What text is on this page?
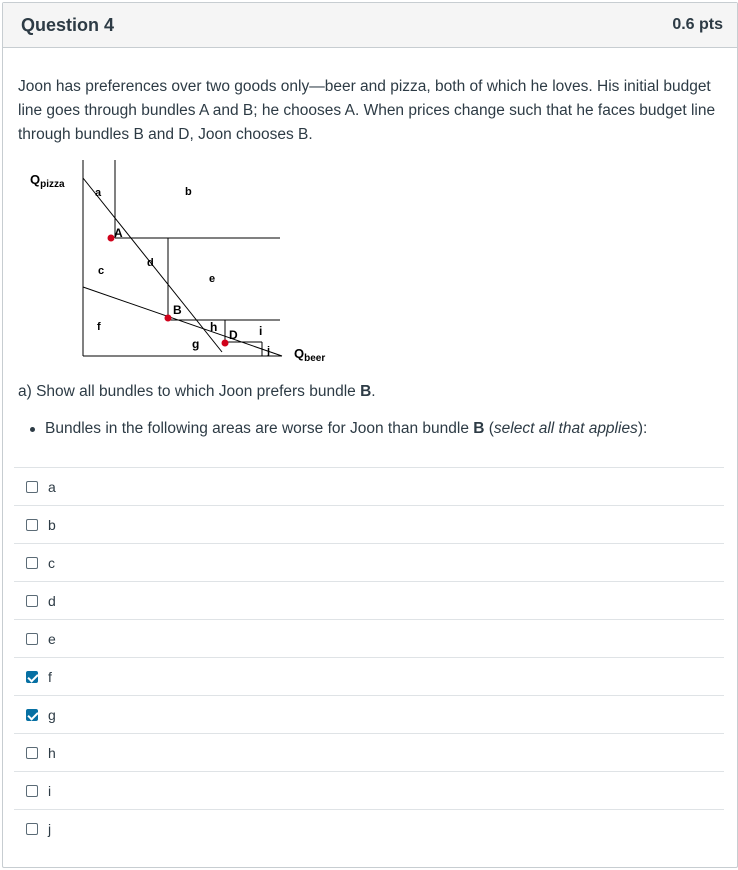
Question 4	0.6 pts

Joon has preferences over two goods only—beer and pizza, both of which he loves. His initial budget line goes through bundles A and B; he chooses A. When prices change such that he faces budget line through bundles B and D, Joon chooses B.

A
B
D
a	b
c
d
e
f
g
h	i
j
$Q_{pizza}$
$Q_{beer}$

a) Show all bundles to which Joon prefers bundle B.

Bundles in the following areas are worse for Joon than bundle B (select all that applies):
a
b
c
d
e
f
g
h
i
j
